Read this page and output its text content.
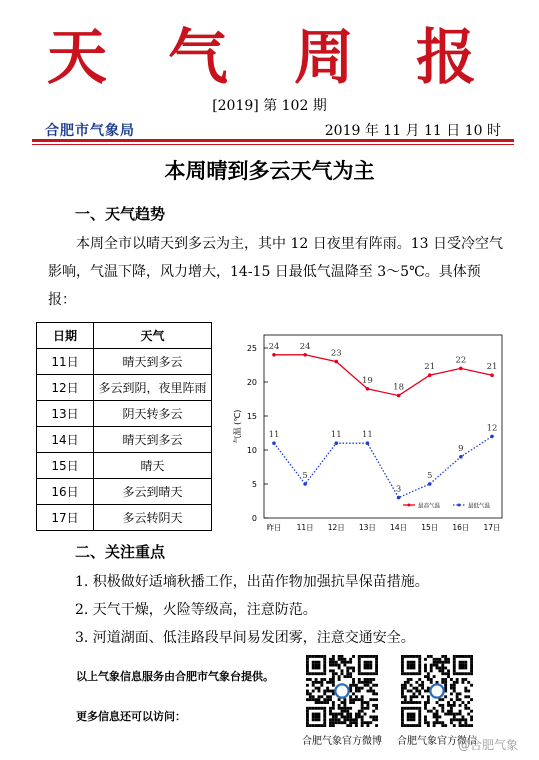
天 气 周 报
[2019] 第 102 期
合肥市气象局	2019 年 11 月 11 日 10 时
本周晴到多云天气为主
一、天气趋势
本周全市以晴天到多云为主，其中 12 日夜里有阵雨。13 日受冷空气影响，气温下降，风力增大，14-15 日最低气温降至 3～5℃。具体预报：
日期	天气
11日	晴天到多云
12日	多云到阴，夜里阵雨
13日	阴天转多云
14日	晴天到多云
15日	晴天
16日	多云到晴天
17日	多云转阴天	0
5
10
15
20
25
气温 (℃)
昨日 11日 12日 13日 14日 15日 16日 17日
24 24
23
19
18
21
22
21
11
5
11 11
3
5
9
12
最高气温	最低气温
二、关注重点
1. 积极做好适墒秋播工作，出苗作物加强抗旱保苗措施。
2. 天气干燥，火险等级高，注意防范。
3. 河道湖面、低洼路段早间易发团雾，注意交通安全。
以上气象信息服务由合肥市气象台提供。
更多信息还可以访问：
合肥气象官方微博	合肥气象官方微信
@合肥气象
